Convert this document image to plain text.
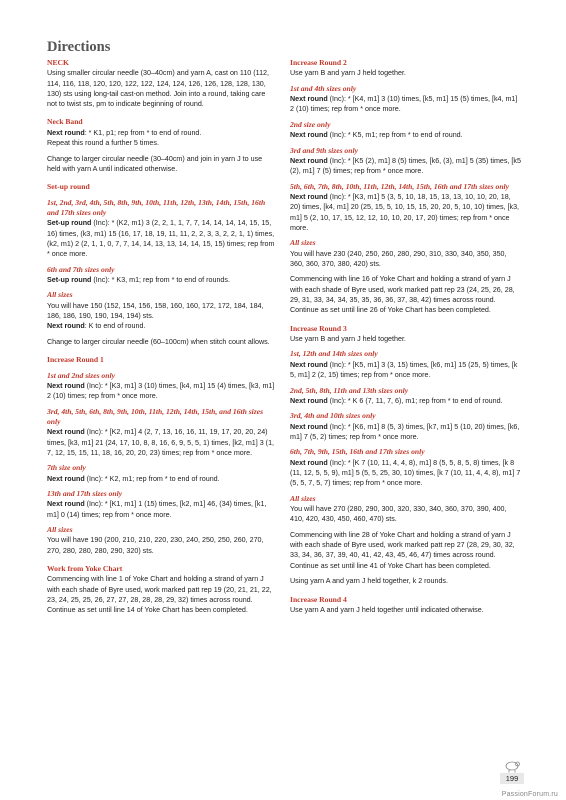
Directions

NECK

Using smaller circular needle (30–40cm) and yarn A, cast on 110 (112, 114, 116, 118, 120, 120, 122, 122, 124, 124, 126, 126, 128, 128, 130, 130) sts using long-tail cast-on method. Join into a round, taking care not to twist sts, pm to indicate beginning of round.

Neck Band

Next round: * K1, p1; rep from * to end of round.

Repeat this round a further 5 times.

Change to larger circular needle (30–40cm) and join in yarn J to use held with yarn A until indicated otherwise.

Set-up round

1st, 2nd, 3rd, 4th, 5th, 8th, 9th, 10th, 11th, 12th, 13th, 14th, 15th, 16th and 17th sizes only

Set-up round (Inc): * (K2, m1) 3 (2, 2, 1, 1, 7, 7, 14, 14, 14, 14, 15, 15, 16) times, (k3, m1) 15 (16, 17, 18, 19, 11, 11, 2, 2, 3, 3, 2, 2, 1, 1) times, (k2, m1) 2 (2, 1, 1, 0, 7, 7, 14, 14, 13, 13, 14, 14, 15, 15) times; rep from * once more.

6th and 7th sizes only

Set-up round (Inc): * K3, m1; rep from * to end of rounds.

All sizes

You will have 150 (152, 154, 156, 158, 160, 160, 172, 172, 184, 184, 186, 186, 190, 190, 194, 194) sts.

Next round: K to end of round.

Change to larger circular needle (60–100cm) when stitch count allows.

Increase Round 1

1st and 2nd sizes only

Next round (Inc): * [K3, m1] 3 (10) times, [k4, m1] 15 (4) times, [k3, m1] 2 (10) times; rep from * once more.

3rd, 4th, 5th, 6th, 8th, 9th, 10th, 11th, 12th, 14th, 15th, and 16th sizes only

Next round (Inc): * [K2, m1] 4 (2, 7, 13, 16, 16, 11, 19, 17, 20, 20, 24) times, [k3, m1] 21 (24, 17, 10, 8, 8, 16, 6, 9, 5, 5, 1) times, [k2, m1] 3 (1, 7, 12, 15, 15, 11, 18, 16, 20, 20, 23) times; rep from * once more.

7th size only

Next round (Inc): * K2, m1; rep from * to end of round.

13th and 17th sizes only

Next round (Inc): * [K1, m1] 1 (15) times, [k2, m1] 46, (34) times, [k1, m1] 0 (14) times; rep from * once more.

All sizes

You will have 190 (200, 210, 210, 220, 230, 240, 250, 250, 260, 270, 270, 280, 280, 280, 290, 320) sts.

Work from Yoke Chart

Commencing with line 1 of Yoke Chart and holding a strand of yarn J with each shade of Byre used, work marked patt rep 19 (20, 21, 21, 22, 23, 24, 25, 25, 26, 27, 27, 28, 28, 28, 29, 32) times across round.

Continue as set until line 14 of Yoke Chart has been completed.

Increase Round 2

Use yarn B and yarn J held together.

1st and 4th sizes only

Next round (Inc): * [K4, m1] 3 (10) times, [k5, m1] 15 (5) times, [k4, m1] 2 (10) times; rep from * once more.

2nd size only

Next round (Inc): * K5, m1; rep from * to end of round.

3rd and 9th sizes only

Next round (Inc): * [K5 (2), m1] 8 (5) times, [k6, (3), m1] 5 (35) times, [k5 (2), m1] 7 (5) times; rep from * once more.

5th, 6th, 7th, 8th, 10th, 11th, 12th, 14th, 15th, 16th and 17th sizes only

Next round (Inc): * [K3, m1] 5 (3, 5, 10, 18, 15, 13, 13, 10, 10, 20, 18, 20) times, [k4, m1] 20 (25, 15, 5, 10, 15, 15, 20, 20, 5, 10, 10) times, [k3, m1] 5 (2, 10, 17, 15, 12, 12, 10, 10, 20, 17, 20) times; rep from * once more.

All sizes

You will have 230 (240, 250, 260, 280, 290, 310, 330, 340, 350, 350, 360, 360, 370, 380, 420) sts.

Commencing with line 16 of Yoke Chart and holding a strand of yarn J with each shade of Byre used, work marked patt rep 23 (24, 25, 26, 28, 29, 31, 33, 34, 34, 35, 35, 36, 36, 37, 38, 42) times across round.

Continue as set until line 26 of Yoke Chart has been completed.

Increase Round 3

Use yarn B and yarn J held together.

1st, 12th and 14th sizes only

Next round (Inc): * [K5, m1] 3 (3, 15) times, [k6, m1] 15 (25, 5) times, [k 5, m1] 2 (2, 15) times; rep from * once more.

2nd, 5th, 8th, 11th and 13th sizes only

Next round (Inc): * K 6 (7, 11, 7, 6), m1; rep from * to end of round.

3rd, 4th and 10th sizes only

Next round (Inc): * [K6, m1] 8 (5, 3) times, [k7, m1] 5 (10, 20) times, [k6, m1] 7 (5, 2) times; rep from * once more.

6th, 7th, 9th, 15th, 16th and 17th sizes only

Next round (Inc): * [K 7 (10, 11, 4, 4, 8), m1] 8 (5, 5, 8, 5, 8) times, [k 8 (11, 12, 5, 5, 9), m1] 5 (5, 5, 25, 30, 10) times, [k 7 (10, 11, 4, 4, 8), m1] 7 (5, 5, 7, 5, 7) times; rep from * once more.

All sizes

You will have 270 (280, 290, 300, 320, 330, 340, 360, 370, 390, 400, 410, 420, 430, 450, 460, 470) sts.

Commencing with line 28 of Yoke Chart and holding a strand of yarn J with each shade of Byre used, work marked patt rep 27 (28, 29, 30, 32, 33, 34, 36, 37, 39, 40, 41, 42, 43, 45, 46, 47) times across round.

Continue as set until line 41 of Yoke Chart has been completed.

Using yarn A and yarn J held together, k 2 rounds.

Increase Round 4

Use yarn A and yarn J held together until indicated otherwise.

199
PassionForum.ru
